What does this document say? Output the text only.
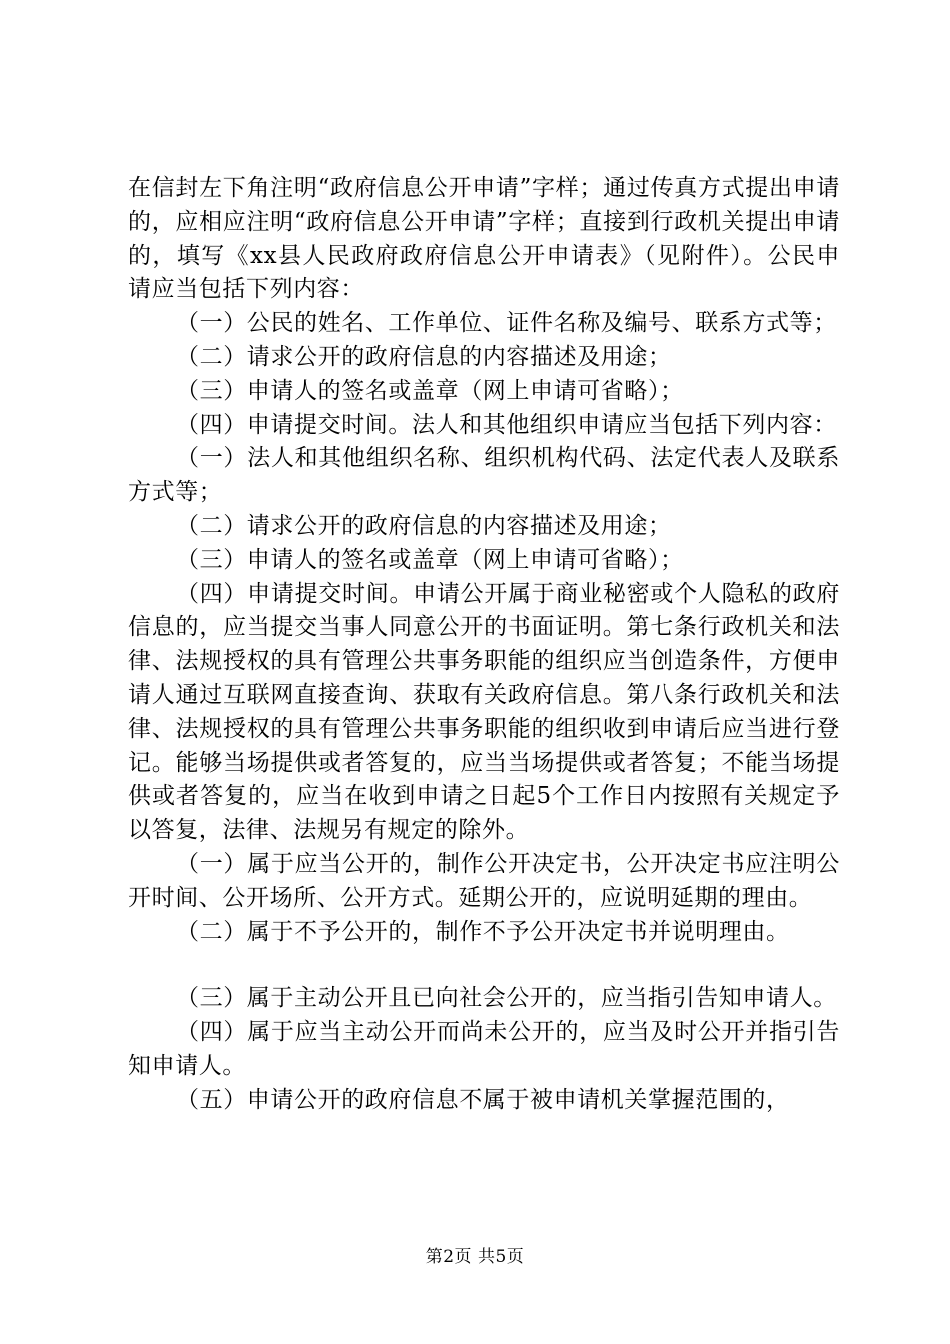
在信封左下角注明“政府信息公开申请”字样；通过传真方式提出申请的，应相应注明“政府信息公开申请”字样；直接到行政机关提出申请的，填写《xx县人民政府政府信息公开申请表》（见附件）。公民申请应当包括下列内容：

（一）公民的姓名、工作单位、证件名称及编号、联系方式等；

（二）请求公开的政府信息的内容描述及用途；

（三）申请人的签名或盖章（网上申请可省略）；

（四）申请提交时间。法人和其他组织申请应当包括下列内容：

（一）法人和其他组织名称、组织机构代码、法定代表人及联系方式等；

（二）请求公开的政府信息的内容描述及用途；

（三）申请人的签名或盖章（网上申请可省略）；

（四）申请提交时间。申请公开属于商业秘密或个人隐私的政府信息的，应当提交当事人同意公开的书面证明。第七条行政机关和法律、法规授权的具有管理公共事务职能的组织应当创造条件，方便申请人通过互联网直接查询、获取有关政府信息。第八条行政机关和法律、法规授权的具有管理公共事务职能的组织收到申请后应当进行登记。能够当场提供或者答复的，应当当场提供或者答复；不能当场提供或者答复的，应当在收到申请之日起5个工作日内按照有关规定予以答复，法律、法规另有规定的除外。

（一）属于应当公开的，制作公开决定书，公开决定书应注明公开时间、公开场所、公开方式。延期公开的，应说明延期的理由。

（二）属于不予公开的，制作不予公开决定书并说明理由。

（三）属于主动公开且已向社会公开的，应当指引告知申请人。

（四）属于应当主动公开而尚未公开的，应当及时公开并指引告知申请人。

（五）申请公开的政府信息不属于被申请机关掌握范围的，

第2页 共5页
